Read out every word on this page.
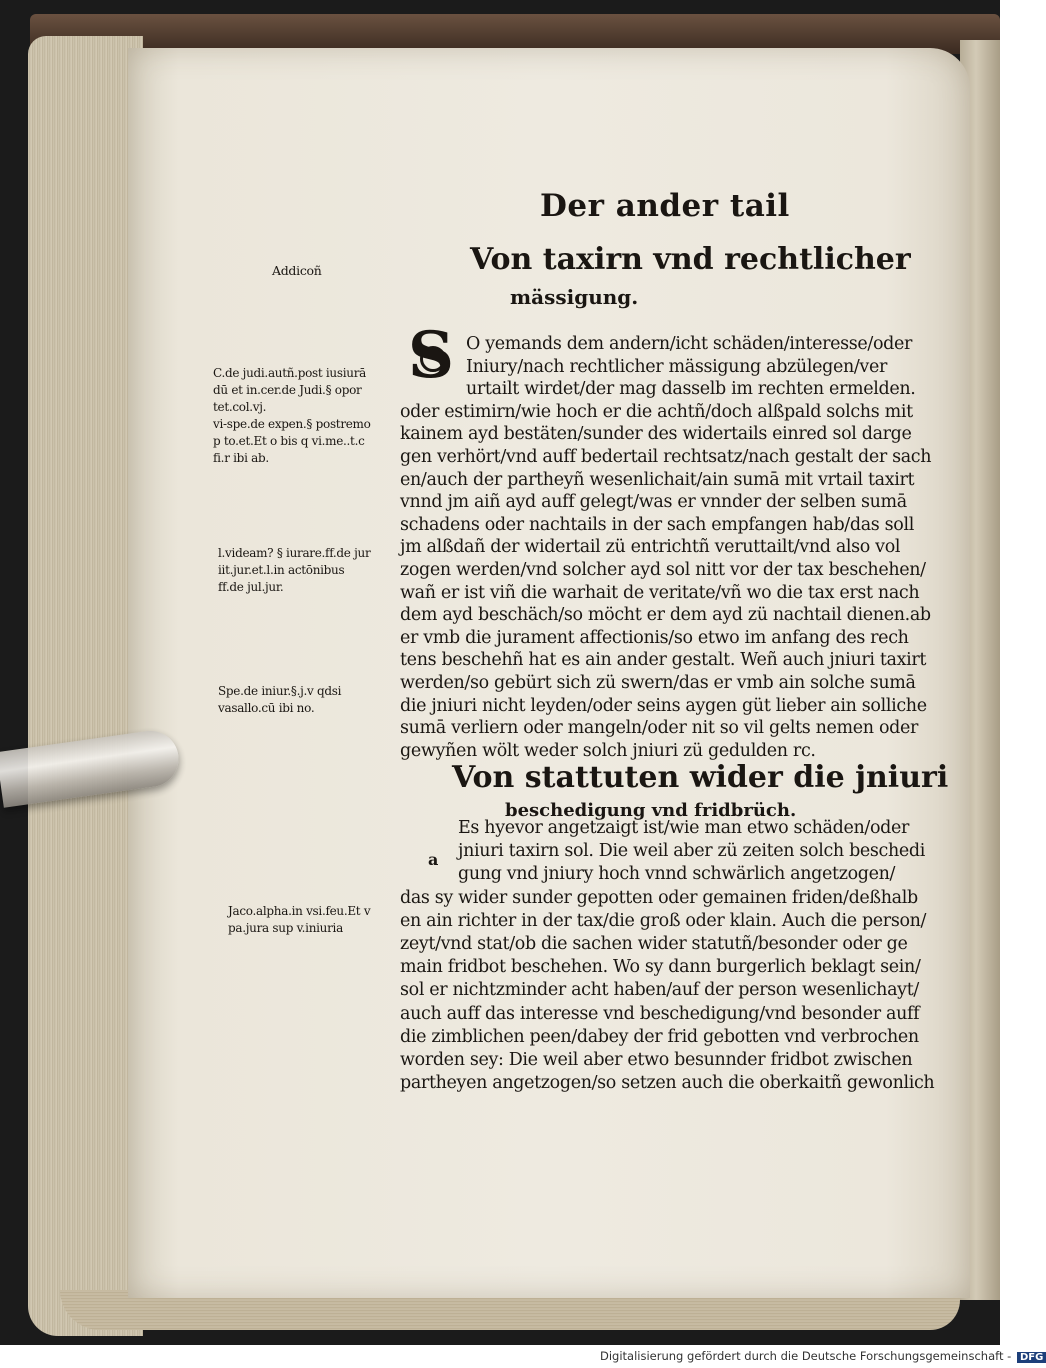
Der ander tail
Addicoñ
C.de judi.autñ.post iusiurā
dū et in.cer.de Judi.§ opor
tet.col.vj.
vi-spe.de expen.§ postremo
p to.et.Et o bis q vi.me..t.c
fi.r ibi ab.
l.videam? § iurare.ff.de jur
iit.jur.et.l.in actōnibus
ff.de jul.jur.
Spe.de iniur.§.j.v qdsi
vasallo.cū ibi no.
Jaco.alpha.in vsi.feu.Et v
pa.jura sup v.iniuria
Von taxirn vnd rechtlicher
mässigung.
S O yemands dem andern/icht schäden/interesse/oder
Iniury/nach rechtlicher mässigung abzülegen/ver
urtailt wirdet/der mag dasselb im rechten ermelden.
oder estimirn/wie hoch er die achtñ/doch alßpald solchs mit
kainem ayd bestäten/sunder des widertails einred sol darge
gen verhört/vnd auff bedertail rechtsatz/nach gestalt der sach
en/auch der partheyñ wesenlichait/ain sumā mit vrtail taxirt
vnnd jm aiñ ayd auff gelegt/was er vnnder der selben sumā
schadens oder nachtails in der sach empfangen hab/das soll
jm alßdañ der widertail zü entrichtñ veruttailt/vnd also vol
zogen werden/vnd solcher ayd sol nitt vor der tax beschehen/
wañ er ist viñ die warhait de veritate/vñ wo die tax erst nach
dem ayd beschäch/so möcht er dem ayd zü nachtail dienen.ab
er vmb die jurament affectionis/so etwo im anfang des rech
tens beschehñ hat es ain ander gestalt. Weñ auch jniuri taxirt
werden/so gebürt sich zü swern/das er vmb ain solche sumā
die jniuri nicht leyden/oder seins aygen güt lieber ain solliche
sumā verliern oder mangeln/oder nit so vil gelts nemen oder
gewyñen wölt weder solch jniuri zü gedulden rc.
Von stattuten wider die jniuri
beschedigung vnd fridbrüch.
a
Es hyevor angetzaigt ist/wie man etwo schäden/oder
jniuri taxirn sol. Die weil aber zü zeiten solch beschedi
gung vnd jniury hoch vnnd schwärlich angetzogen/
das sy wider sunder gepotten oder gemainen friden/deßhalb
en ain richter in der tax/die groß oder klain. Auch die person/
zeyt/vnd stat/ob die sachen wider statutñ/besonder oder ge
main fridbot beschehen. Wo sy dann burgerlich beklagt sein/
sol er nichtzminder acht haben/auf der person wesenlichayt/
auch auff das interesse vnd beschedigung/vnd besonder auff
die zimblichen peen/dabey der frid gebotten vnd verbrochen
worden sey: Die weil aber etwo besunnder fridbot zwischen
partheyen angetzogen/so setzen auch die oberkaitñ gewonlich
Digitalisierung gefördert durch die Deutsche Forschungsgemeinschaft - DFG
